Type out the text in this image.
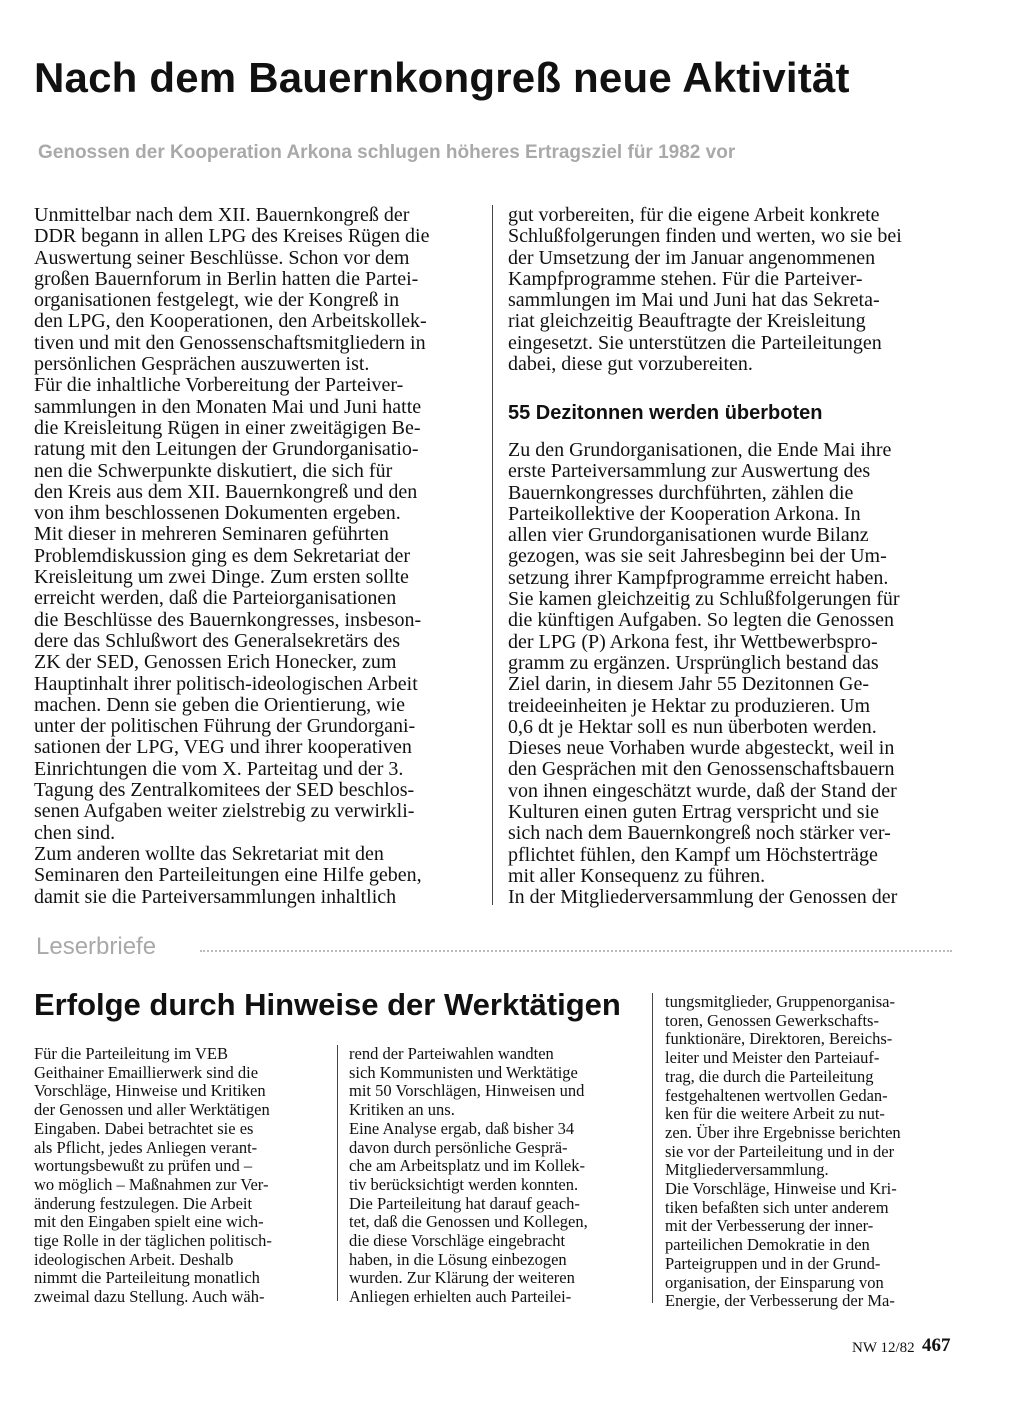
Nach dem Bauernkongreß neue Aktivität
Genossen der Kooperation Arkona schlugen höheres Ertragsziel für 1982 vor

Unmittelbar nach dem XII. Bauernkongreß der
DDR begann in allen LPG des Kreises Rügen die
Auswertung seiner Beschlüsse. Schon vor dem
großen Bauernforum in Berlin hatten die Partei-
organisationen festgelegt, wie der Kongreß in
den LPG, den Kooperationen, den Arbeitskollek-
tiven und mit den Genossenschaftsmitgliedern in
persönlichen Gesprächen auszuwerten ist.
Für die inhaltliche Vorbereitung der Parteiver-
sammlungen in den Monaten Mai und Juni hatte
die Kreisleitung Rügen in einer zweitägigen Be-
ratung mit den Leitungen der Grundorganisatio-
nen die Schwerpunkte diskutiert, die sich für
den Kreis aus dem XII. Bauernkongreß und den
von ihm beschlossenen Dokumenten ergeben.
Mit dieser in mehreren Seminaren geführten
Problemdiskussion ging es dem Sekretariat der
Kreisleitung um zwei Dinge. Zum ersten sollte
erreicht werden, daß die Parteiorganisationen
die Beschlüsse des Bauernkongresses, insbeson-
dere das Schlußwort des Generalsekretärs des
ZK der SED, Genossen Erich Honecker, zum
Hauptinhalt ihrer politisch-ideologischen Arbeit
machen. Denn sie geben die Orientierung, wie
unter der politischen Führung der Grundorgani-
sationen der LPG, VEG und ihrer kooperativen
Einrichtungen die vom X. Parteitag und der 3.
Tagung des Zentralkomitees der SED beschlos-
senen Aufgaben weiter zielstrebig zu verwirkli-
chen sind.
Zum anderen wollte das Sekretariat mit den
Seminaren den Parteileitungen eine Hilfe geben,
damit sie die Parteiversammlungen inhaltlich

gut vorbereiten, für die eigene Arbeit konkrete
Schlußfolgerungen finden und werten, wo sie bei
der Umsetzung der im Januar angenommenen
Kampfprogramme stehen. Für die Parteiver-
sammlungen im Mai und Juni hat das Sekreta-
riat gleichzeitig Beauftragte der Kreisleitung
eingesetzt. Sie unterstützen die Parteileitungen
dabei, diese gut vorzubereiten.

55 Dezitonnen werden überboten

Zu den Grundorganisationen, die Ende Mai ihre
erste Parteiversammlung zur Auswertung des
Bauernkongresses durchführten, zählen die
Parteikollektive der Kooperation Arkona. In
allen vier Grundorganisationen wurde Bilanz
gezogen, was sie seit Jahresbeginn bei der Um-
setzung ihrer Kampfprogramme erreicht haben.
Sie kamen gleichzeitig zu Schlußfolgerungen für
die künftigen Aufgaben. So legten die Genossen
der LPG (P) Arkona fest, ihr Wettbewerbspro-
gramm zu ergänzen. Ursprünglich bestand das
Ziel darin, in diesem Jahr 55 Dezitonnen Ge-
treideeinheiten je Hektar zu produzieren. Um
0,6 dt je Hektar soll es nun überboten werden.
Dieses neue Vorhaben wurde abgesteckt, weil in
den Gesprächen mit den Genossenschaftsbauern
von ihnen eingeschätzt wurde, daß der Stand der
Kulturen einen guten Ertrag verspricht und sie
sich nach dem Bauernkongreß noch stärker ver-
pflichtet fühlen, den Kampf um Höchsterträge
mit aller Konsequenz zu führen.
In der Mitgliederversammlung der Genossen der

Leserbriefe
Erfolge durch Hinweise der Werktätigen

Für die Parteileitung im VEB
Geithainer Emaillierwerk sind die
Vorschläge, Hinweise und Kritiken
der Genossen und aller Werktätigen
Eingaben. Dabei betrachtet sie es
als Pflicht, jedes Anliegen verant-
wortungsbewußt zu prüfen und –
wo möglich – Maßnahmen zur Ver-
änderung festzulegen. Die Arbeit
mit den Eingaben spielt eine wich-
tige Rolle in der täglichen politisch-
ideologischen Arbeit. Deshalb
nimmt die Parteileitung monatlich
zweimal dazu Stellung. Auch wäh-

rend der Parteiwahlen wandten
sich Kommunisten und Werktätige
mit 50 Vorschlägen, Hinweisen und
Kritiken an uns.
Eine Analyse ergab, daß bisher 34
davon durch persönliche Gesprä-
che am Arbeitsplatz und im Kollek-
tiv berücksichtigt werden konnten.
Die Parteileitung hat darauf geach-
tet, daß die Genossen und Kollegen,
die diese Vorschläge eingebracht
haben, in die Lösung einbezogen
wurden. Zur Klärung der weiteren
Anliegen erhielten auch Parteilei-

tungsmitglieder, Gruppenorganisa-
toren, Genossen Gewerkschafts-
funktionäre, Direktoren, Bereichs-
leiter und Meister den Parteiauf-
trag, die durch die Parteileitung
festgehaltenen wertvollen Gedan-
ken für die weitere Arbeit zu nut-
zen. Über ihre Ergebnisse berichten
sie vor der Parteileitung und in der
Mitgliederversammlung.
Die Vorschläge, Hinweise und Kri-
tiken befaßten sich unter anderem
mit der Verbesserung der inner-
parteilichen Demokratie in den
Parteigruppen und in der Grund-
organisation, der Einsparung von
Energie, der Verbesserung der Ma-

NW 12/82 467
